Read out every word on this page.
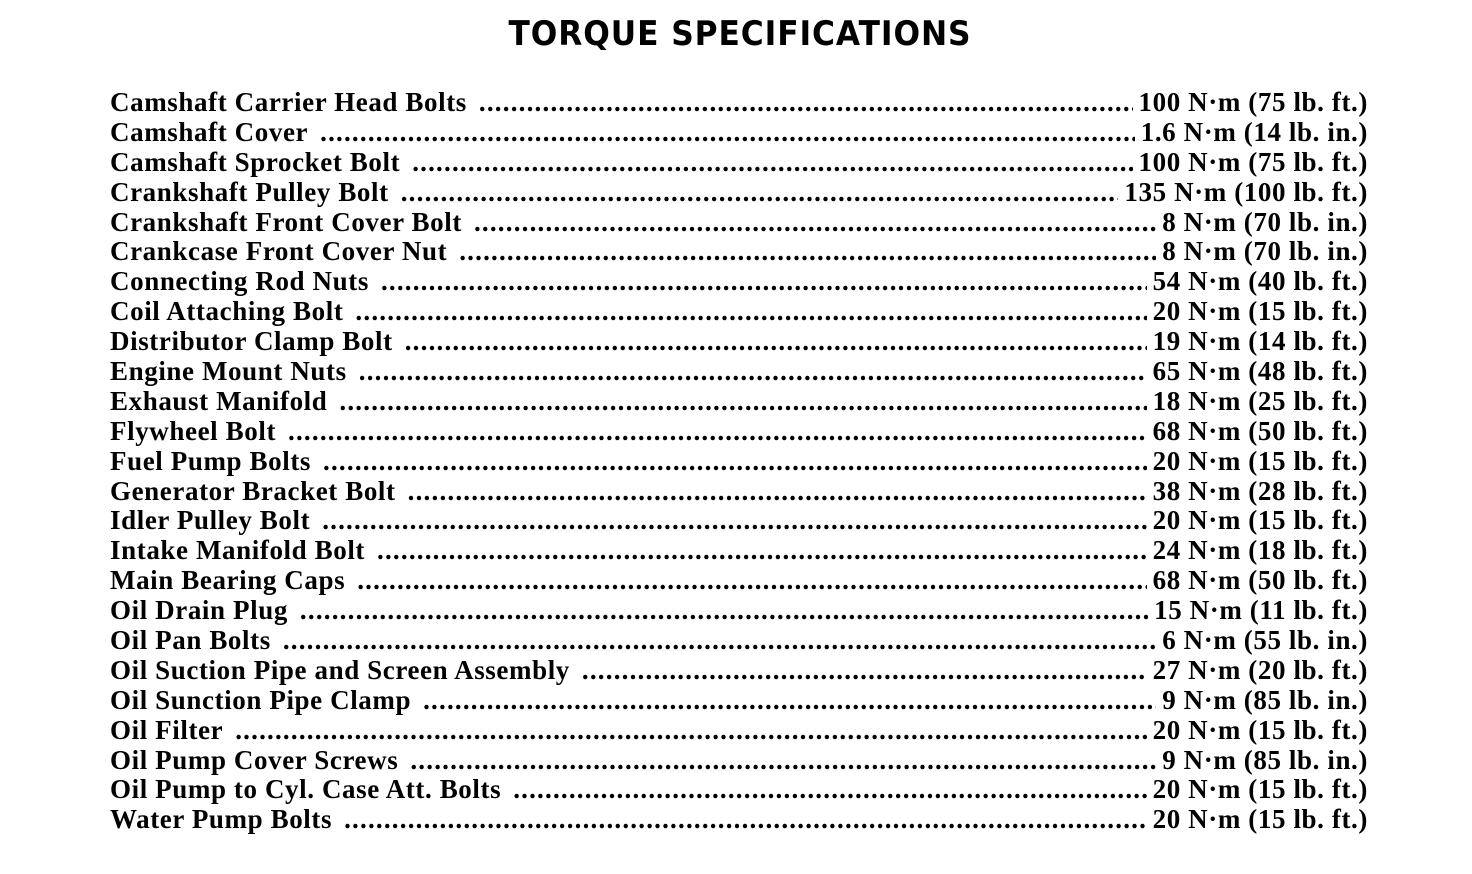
TORQUE SPECIFICATIONS
Camshaft Carrier Head Bolts .....	100 N·m (75 lb. ft.)
Camshaft Cover .....	1.6 N·m (14 lb. in.)
Camshaft Sprocket Bolt .....	100 N·m (75 lb. ft.)
Crankshaft Pulley Bolt .....	135 N·m (100 lb. ft.)
Crankshaft Front Cover Bolt .....	8 N·m (70 lb. in.)
Crankcase Front Cover Nut .....	8 N·m (70 lb. in.)
Connecting Rod Nuts .....	54 N·m (40 lb. ft.)
Coil Attaching Bolt .....	20 N·m (15 lb. ft.)
Distributor Clamp Bolt .....	19 N·m (14 lb. ft.)
Engine Mount Nuts .....	65 N·m (48 lb. ft.)
Exhaust Manifold .....	18 N·m (25 lb. ft.)
Flywheel Bolt .....	68 N·m (50 lb. ft.)
Fuel Pump Bolts .....	20 N·m (15 lb. ft.)
Generator Bracket Bolt .....	38 N·m (28 lb. ft.)
Idler Pulley Bolt .....	20 N·m (15 lb. ft.)
Intake Manifold Bolt .....	24 N·m (18 lb. ft.)
Main Bearing Caps .....	68 N·m (50 lb. ft.)
Oil Drain Plug .....	15 N·m (11 lb. ft.)
Oil Pan Bolts .....	6 N·m (55 lb. in.)
Oil Suction Pipe and Screen Assembly .....	27 N·m (20 lb. ft.)
Oil Sunction Pipe Clamp .....	9 N·m (85 lb. in.)
Oil Filter .....	20 N·m (15 lb. ft.)
Oil Pump Cover Screws .....	9 N·m (85 lb. in.)
Oil Pump to Cyl. Case Att. Bolts .....	20 N·m (15 lb. ft.)
Water Pump Bolts .....	20 N·m (15 lb. ft.)
